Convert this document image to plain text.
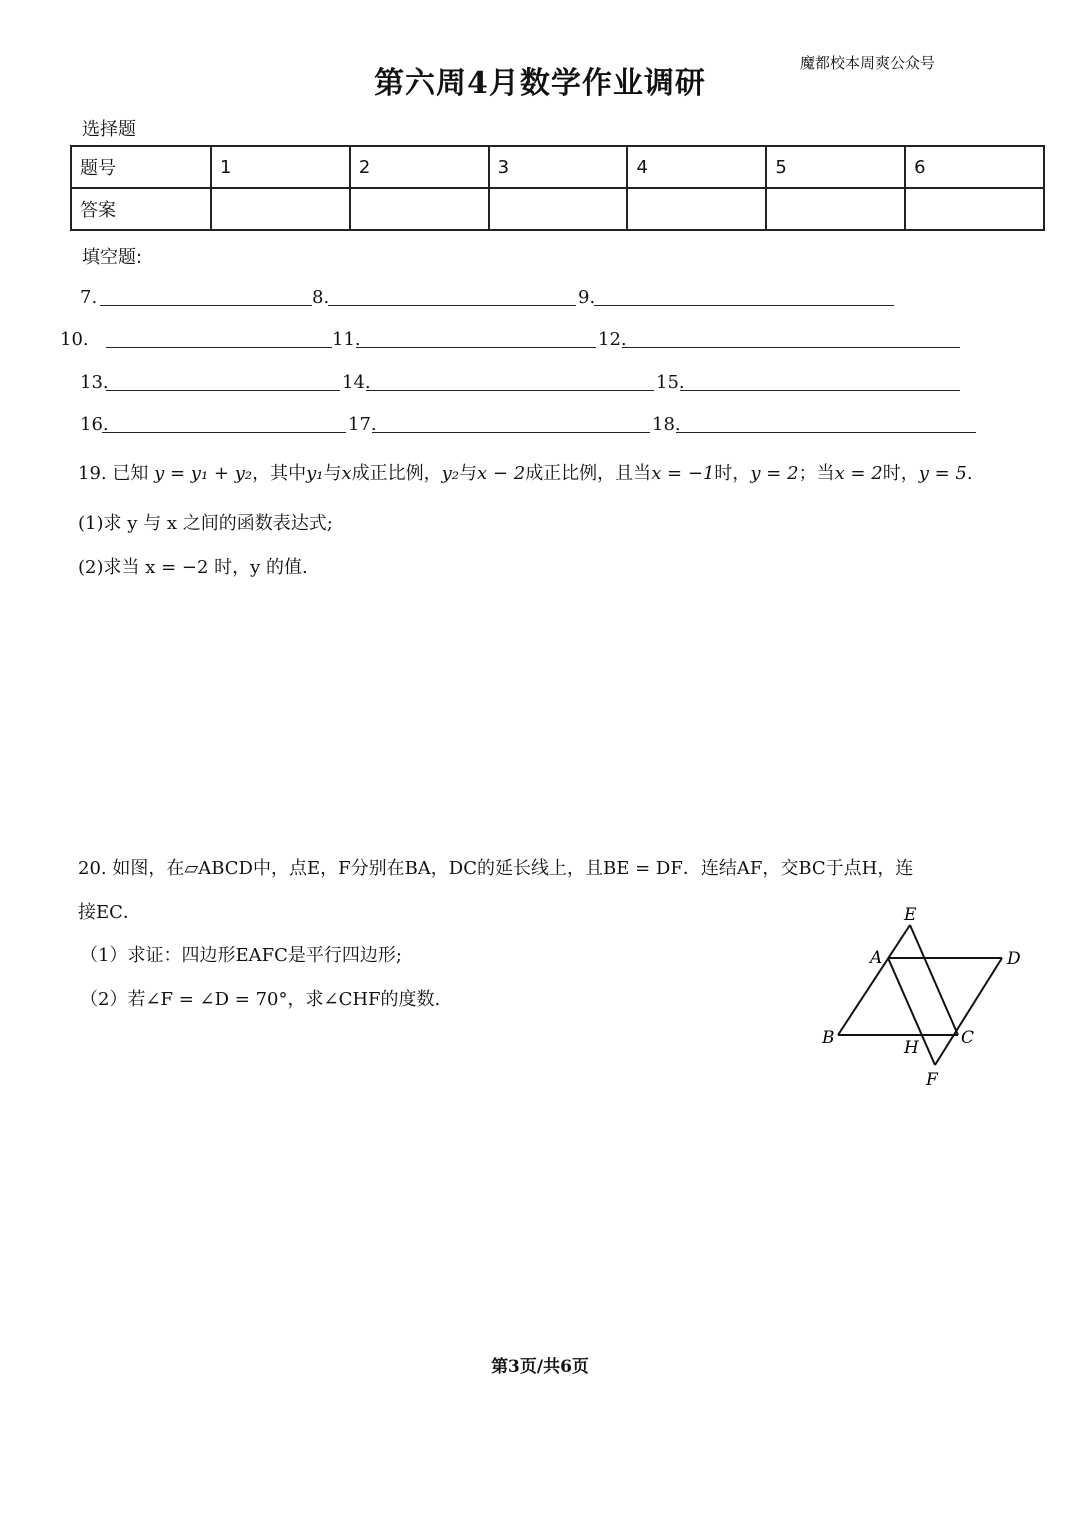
第六周4月数学作业调研
魔都校本周爽公众号
选择题
题号	1	2	3	4	5	6
答案						
填空题:
7.	8.	9.
10.	11.	12.
13.	14.	15.
16.	17.	18.
19. 已知 y = y₁ + y₂，其中y₁与x成正比例，y₂与x − 2成正比例，且当x = −1时，y = 2；当x = 2时，y = 5.
(1)求 y 与 x 之间的函数表达式;
(2)求当 x = −2 时，y 的值.
20. 如图，在▱ABCD中，点E，F分别在BA，DC的延长线上，且BE = DF．连结AF，交BC于点H，连
接EC．
（1）求证：四边形EAFC是平行四边形;
（2）若∠F = ∠D = 70°，求∠CHF的度数.
E
A	D
B	H C
F
第3页/共6页
